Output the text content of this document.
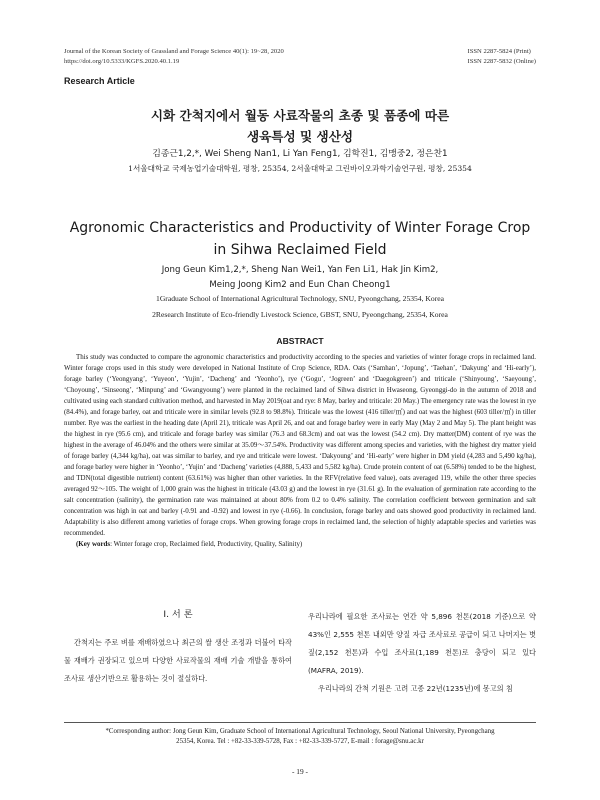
Journal of the Korean Society of Grassland and Forage Science 40(1): 19~28, 2020
https://doi.org/10.5333/KGFS.2020.40.1.19
ISSN 2287-5824 (Print)
ISSN 2287-5832 (Online)
Research Article
시화 간척지에서 월동 사료작물의 초종 및 품종에 따른
생육특성 및 생산성
김종근1,2,*, Wei Sheng Nan1, Li Yan Feng1, 김학진1, 김맹중2, 정은찬1
1서울대학교 국제농업기술대학원, 평창, 25354, 2서울대학교 그린바이오과학기술연구원, 평창, 25354
Agronomic Characteristics and Productivity of Winter Forage Crop
in Sihwa Reclaimed Field
Jong Geun Kim1,2,*, Sheng Nan Wei1, Yan Fen Li1, Hak Jin Kim2,
Meing Joong Kim2 and Eun Chan Cheong1
1Graduate School of International Agricultural Technology, SNU, Pyeongchang, 25354, Korea
2Research Institute of Eco-friendly Livestock Science, GBST, SNU, Pyeongchang, 25354, Korea
ABSTRACT

This study was conducted to compare the agronomic characteristics and productivity according to the species and varieties of winter forage crops in reclaimed land. Winter forage crops used in this study were developed in National Institute of Crop Science, RDA. Oats (‘Samhan’, ‘Jopung’, ‘Taehan’, ‘Dakyung’ and ‘Hi-early’), forage barley (‘Yeongyang’, ‘Yuyeon’, ‘Yujin’, ‘Dacheng’ and ‘Yeonho’), rye (‘Gogu’, ‘Jogreen’ and ‘Daegokgreen’) and triticale (‘Shinyoung’, ‘Saeyoung’, ‘Choyoung’, ‘Sinseong’, ‘Minpung’ and ‘Gwangyoung’) were planted in the reclaimed land of Sihwa district in Hwaseong, Gyeonggi-do in the autumn of 2018 and cultivated using each standard cultivation method, and harvested in May 2019(oat and rye: 8 May, barley and triticale: 20 May.) The emergency rate was the lowest in rye (84.4%), and forage barley, oat and triticale were in similar levels (92.8 to 98.8%). Triticale was the lowest (416 tiller/㎡) and oat was the highest (603 tiller/㎡) in tiller number. Rye was the earliest in the heading date (April 21), triticale was April 26, and oat and forage barley were in early May (May 2 and May 5). The plant height was the highest in rye (95.6 cm), and triticale and forage barley was similar (76.3 and 68.3cm) and oat was the lowest (54.2 cm). Dry matter(DM) content of rye was the highest in the average of 46.04% and the others were similar at 35.09～37.54%. Productivity was different among species and varieties, with the highest dry matter yield of forage barley (4,344 kg/ha), oat was similar to barley, and rye and triticale were lowest. ‘Dakyoung’ and ‘Hi-early’ were higher in DM yield (4,283 and 5,490 kg/ha), and forage barley were higher in ‘Yeonho’, ‘Yujin’ and ‘Dacheng’ varieties (4,888, 5,433 and 5,582 kg/ha). Crude protein content of oat (6.58%) tended to be the highest, and TDN(total digestible nutrient) content (63.61%) was higher than other varieties. In the RFV(relative feed value), oats averaged 119, while the other three species averaged 92～105. The weight of 1,000 grain was the highest in triticale (43.03 g) and the lowest in rye (31.61 g). In the evaluation of germination rate according to the salt concentration (salinity), the germination rate was maintained at about 80% from 0.2 to 0.4% salinity. The correlation coefficient between germination and salt concentration was high in oat and barley (-0.91 and -0.92) and lowest in rye (-0.66). In conclusion, forage barley and oats showed good productivity in reclaimed land. Adaptability is also different among varieties of forage crops. When growing forage crops in reclaimed land, the selection of highly adaptable species and varieties was recommended.

(Key words: Winter forage crop, Reclaimed field, Productivity, Quality, Salinity)

Ⅰ. 서 론

간척지는 주로 벼를 재배하였으나 최근의 쌀 생산 조정과 더불어 타작물 재배가 권장되고 있으며 다양한 사료작물의 재배 기술 개발을 통하여 조사료 생산기반으로 활용하는 것이 절실하다.

우리나라에 필요한 조사료는 연간 약 5,896 천톤(2018 기준)으로 약 43%인 2,555 천톤 내외만 양질 자급 조사료로 공급이 되고 나머지는 볏짚(2,152 천톤)과 수입 조사료(1,189 천톤)로 충당이 되고 있다(MAFRA, 2019).

우리나라의 간척 기원은 고려 고종 22년(1235년)에 몽고의 침

*Corresponding author: Jong Geun Kim, Graduate School of International Agricultural Technology, Seoul National University, Pyeongchang
25354, Korea. Tel : +82-33-339-5728, Fax : +82-33-339-5727, E-mail : forage@snu.ac.kr
- 19 -
